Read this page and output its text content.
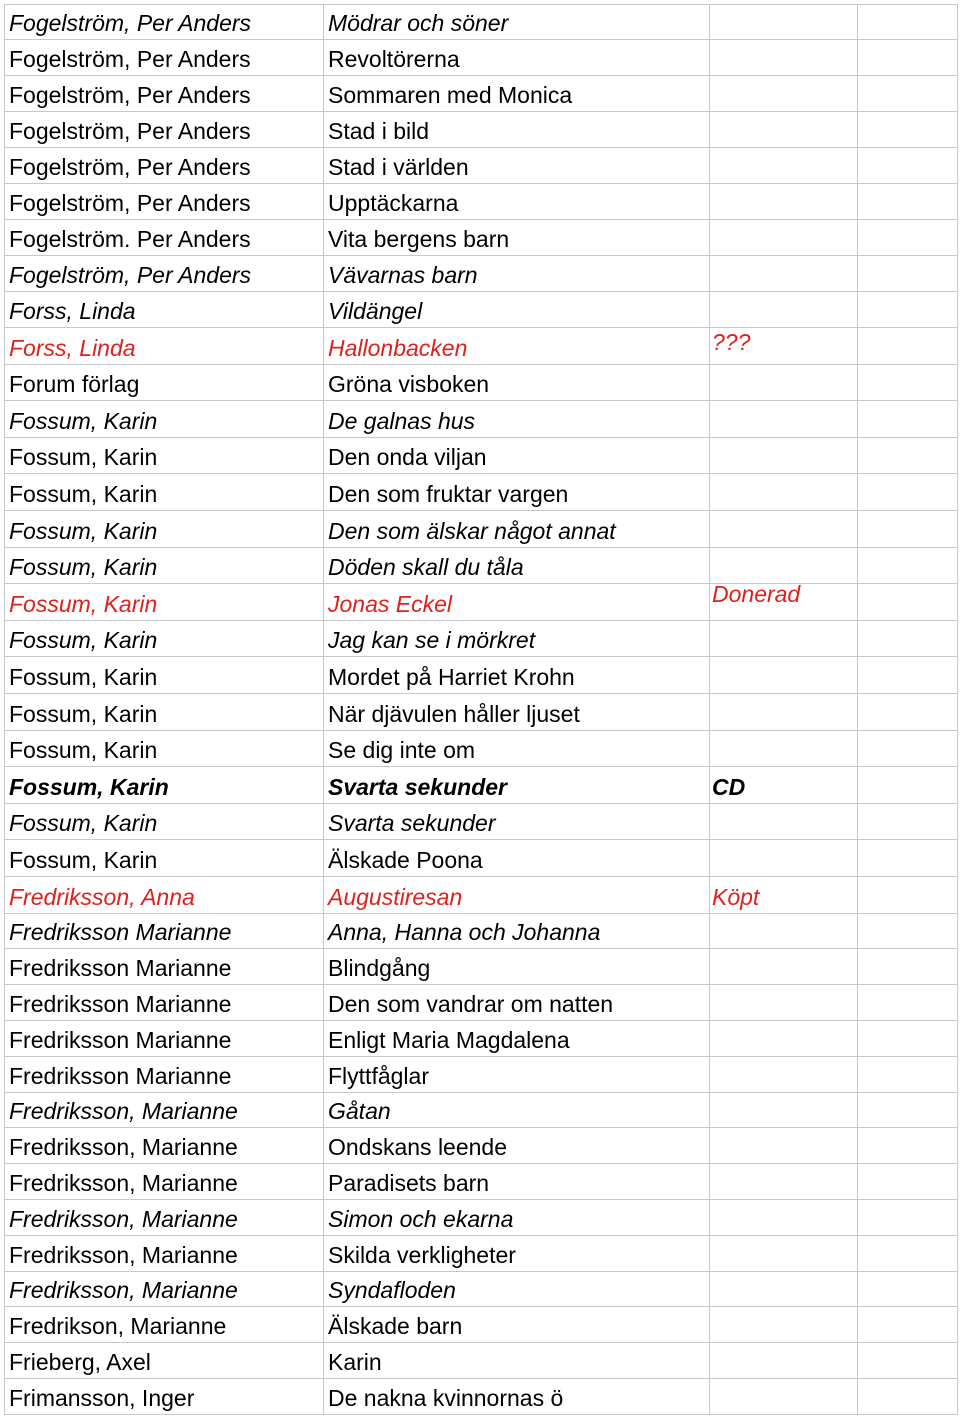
Fogelström, Per Anders	Mödrar och söner
Fogelström, Per Anders	Revoltörerna
Fogelström, Per Anders	Sommaren med Monica
Fogelström, Per Anders	Stad i bild
Fogelström, Per Anders	Stad i världen
Fogelström, Per Anders	Upptäckarna
Fogelström. Per Anders	Vita bergens barn
Fogelström, Per Anders	Vävarnas barn
Forss, Linda	Vildängel
Forss, Linda	Hallonbacken	???
Forum förlag	Gröna visboken
Fossum, Karin	De galnas hus
Fossum, Karin	Den onda viljan
Fossum, Karin	Den som fruktar vargen
Fossum, Karin	Den som älskar något annat
Fossum, Karin	Döden skall du tåla
Fossum, Karin	Jonas Eckel	Donerad
Fossum, Karin	Jag kan se i mörkret
Fossum, Karin	Mordet på Harriet Krohn
Fossum, Karin	När djävulen håller ljuset
Fossum, Karin	Se dig inte om
Fossum, Karin	Svarta sekunder	CD
Fossum, Karin	Svarta sekunder
Fossum, Karin	Älskade Poona
Fredriksson, Anna	Augustiresan	Köpt
Fredriksson Marianne	Anna, Hanna och Johanna
Fredriksson Marianne	Blindgång
Fredriksson Marianne	Den som vandrar om natten
Fredriksson Marianne	Enligt Maria Magdalena
Fredriksson Marianne	Flyttfåglar
Fredriksson, Marianne	Gåtan
Fredriksson, Marianne	Ondskans leende
Fredriksson, Marianne	Paradisets barn
Fredriksson, Marianne	Simon och ekarna
Fredriksson, Marianne	Skilda verkligheter
Fredriksson, Marianne	Syndafloden
Fredrikson, Marianne	Älskade barn
Frieberg, Axel	Karin
Frimansson, Inger	De nakna kvinnornas ö
